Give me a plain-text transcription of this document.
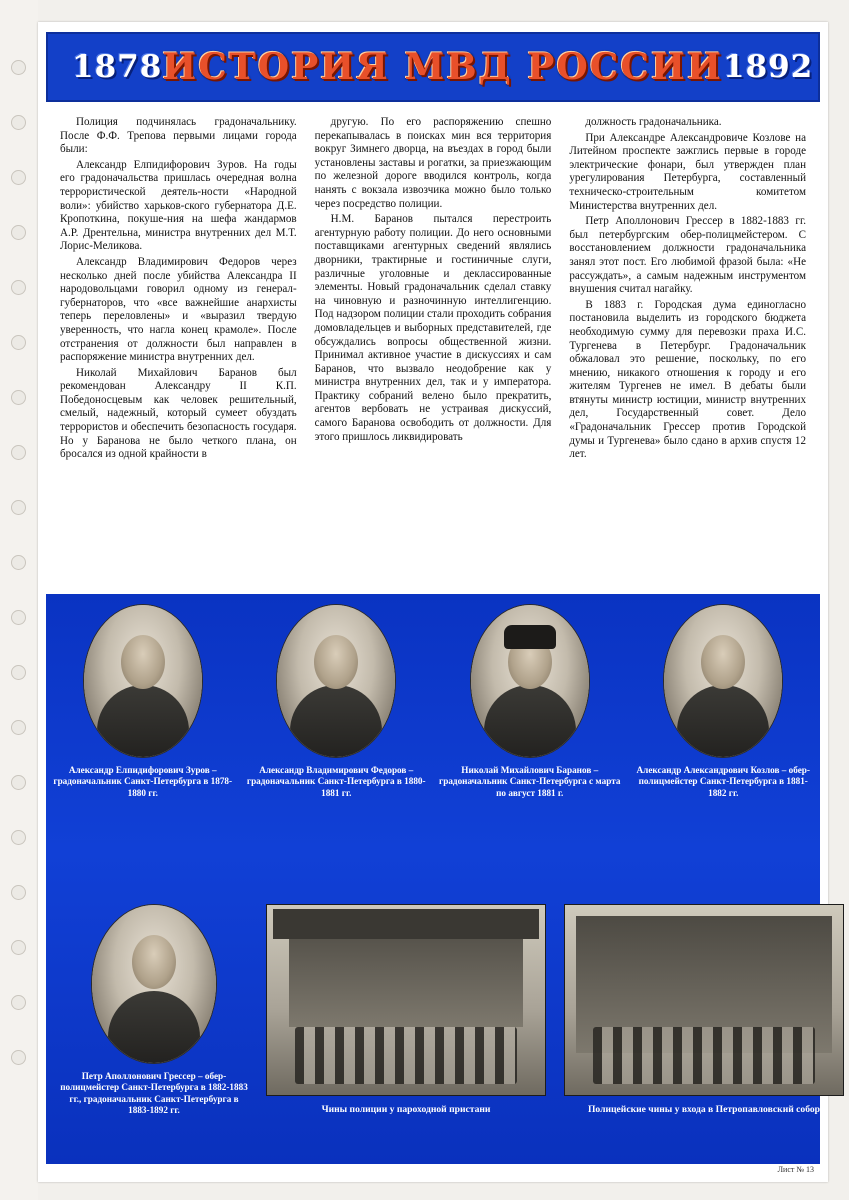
1878 ИСТОРИЯ МВД РОССИИ 1892

Полиция подчинялась градоначальнику. После Ф.Ф. Трепова первыми лицами города были:

Александр Елпидифорович Зуров. На годы его градоначальства пришлась очередная волна террористической деятель-ности «Народной воли»: убийство харьков-ского губернатора Д.Е. Кропоткина, покуше-ния на шефа жандармов А.Р. Дрентельна, министра внутренних дел М.Т. Лорис-Меликова.

Александр Владимирович Федоров через несколько дней после убийства Александра II народовольцами говорил одному из генерал-губернаторов, что «все важнейшие анархисты теперь переловлены» и «выразил твердую уверенность, что нагла конец крамоле». После отстранения от должности был направлен в распоряжение министра внутренних дел.

Николай Михайлович Баранов был рекомендован Александру II К.П. Победоносцевым как человек решительный, смелый, надежный, который сумеет обуздать террористов и обеспечить безопасность государя. Но у Баранова не было четкого плана, он бросался из одной крайности в

другую. По его распоряжению спешно перекапывалась в поисках мин вся территория вокруг Зимнего дворца, на въездах в город были установлены заставы и рогатки, за приезжающим по железной дороге вводился контроль, когда нанять с вокзала извозчика можно было только через посредство полиции.

Н.М. Баранов пытался перестроить агентурную работу полиции. До него основными поставщиками агентурных сведений являлись дворники, трактирные и гостиничные слуги, различные уголовные и деклассированные элементы. Новый градоначальник сделал ставку на чиновную и разночинную интеллигенцию. Под надзором полиции стали проходить собрания домовладельцев и выборных представителей, где обсуждались вопросы общественной жизни. Принимал активное участие в дискуссиях и сам Баранов, что вызвало неодобрение как у министра внутренних дел, так и у императора. Практику собраний велено было прекратить, агентов вербовать не устраивая дискуссий, самого Баранова освободить от должности. Для этого пришлось ликвидировать

должность градоначальника.

При Александре Александровиче Козлове на Литейном проспекте зажглись первые в городе электрические фонари, был утвержден план урегулирования Петербурга, составленный техническо-строительным комитетом Министерства внутренних дел.

Петр Аполлонович Грессер в 1882-1883 гг. был петербургским обер-полицмейстером. С восстановлением должности градоначальника занял этот пост. Его любимой фразой была: «Не рассуждать», а самым надежным инструментом внушения считал нагайку.

В 1883 г. Городская дума единогласно постановила выделить из городского бюджета необходимую сумму для перевозки праха И.С. Тургенева в Петербург. Градоначальник обжаловал это решение, поскольку, по его мнению, никакого отношения к городу и его жителям Тургенев не имел. В дебаты были втянуты министр юстиции, министр внутренних дел, Государственный совет. Дело «Градоначальник Грессер против Городской думы и Тургенева» было сдано в архив спустя 12 лет.

Александр Елпидифорович Зуров – градоначальник Санкт-Петербурга в 1878-1880 гг.
Александр Владимирович Федоров – градоначальник Санкт-Петербурга в 1880-1881 гг.
Николай Михайлович Баранов – градоначальник Санкт-Петербурга с марта по август 1881 г.
Александр Александрович Козлов – обер-полицмейстер Санкт-Петербурга в 1881-1882 гг.
Петр Аполлонович Грессер – обер-полицмейстер Санкт-Петербурга в 1882-1883 гг., градоначальник Санкт-Петербурга в 1883-1892 гг.	Чины полиции у пароходной пристани	Полицейские чины у входа в Петропавловский собор
Лист № 13
